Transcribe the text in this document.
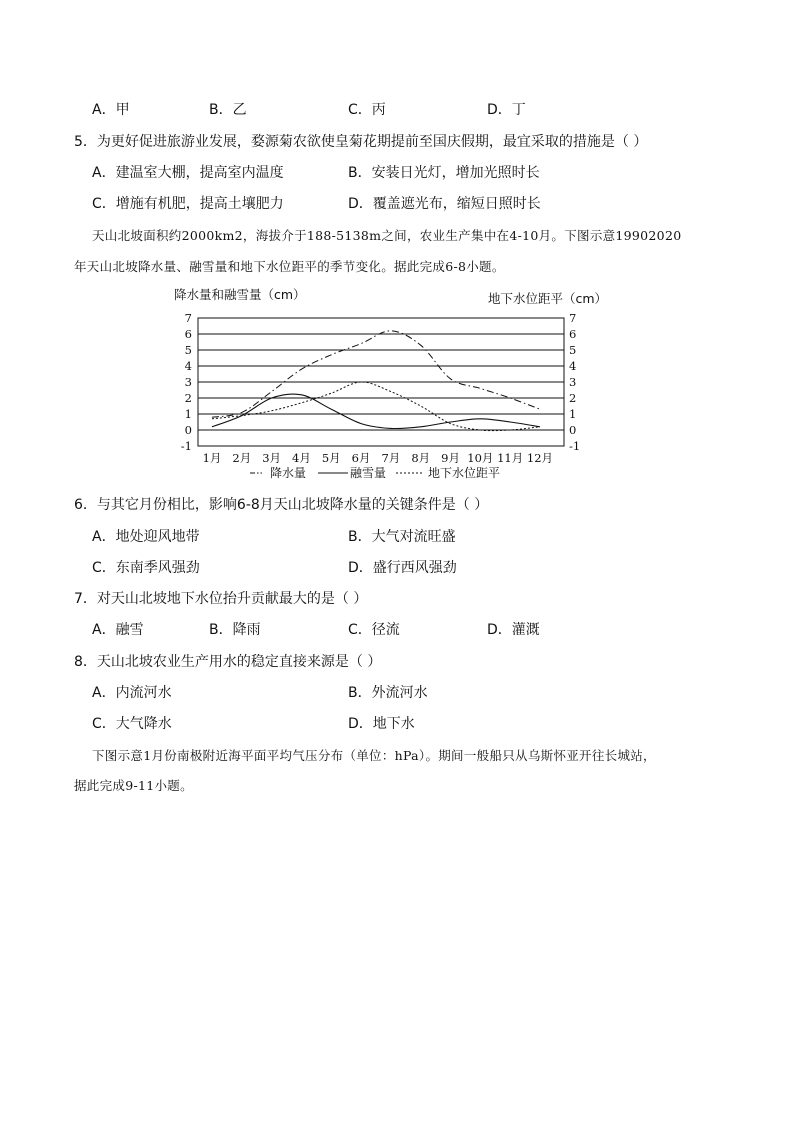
A．甲	B．乙	C．丙	D．丁
5．为更好促进旅游业发展，婺源菊农欲使皇菊花期提前至国庆假期，最宜采取的措施是（ ）
A．建温室大棚，提高室内温度	B．安装日光灯，增加光照时长
C．增施有机肥，提高土壤肥力	D．覆盖遮光布，缩短日照时长
天山北坡面积约2000km2，海拔介于188-5138m之间，农业生产集中在4-10月。下图示意19902020
年天山北坡降水量、融雪量和地下水位距平的季节变化。据此完成6-8小题。
降水量和融雪量（cm）	地下水位距平（cm）
-1
0
1
2
3
4
5
6
7
-1
0
1
2
3
4
5
6
7
1月 2月 3月 4月 5月 6月 7月 8月 9月 10月 11月 12月
降水量	融雪量	地下水位距平
6．与其它月份相比，影响6-8月天山北坡降水量的关键条件是（ ）
A．地处迎风地带	B．大气对流旺盛
C．东南季风强劲	D．盛行西风强劲
7．对天山北坡地下水位抬升贡献最大的是（ ）
A．融雪	B．降雨	C．径流	D．灌溉
8．天山北坡农业生产用水的稳定直接来源是（ ）
A．内流河水	B．外流河水
C．大气降水	D．地下水
下图示意1月份南极附近海平面平均气压分布（单位：hPa）。期间一般船只从乌斯怀亚开往长城站，
据此完成9-11小题。
